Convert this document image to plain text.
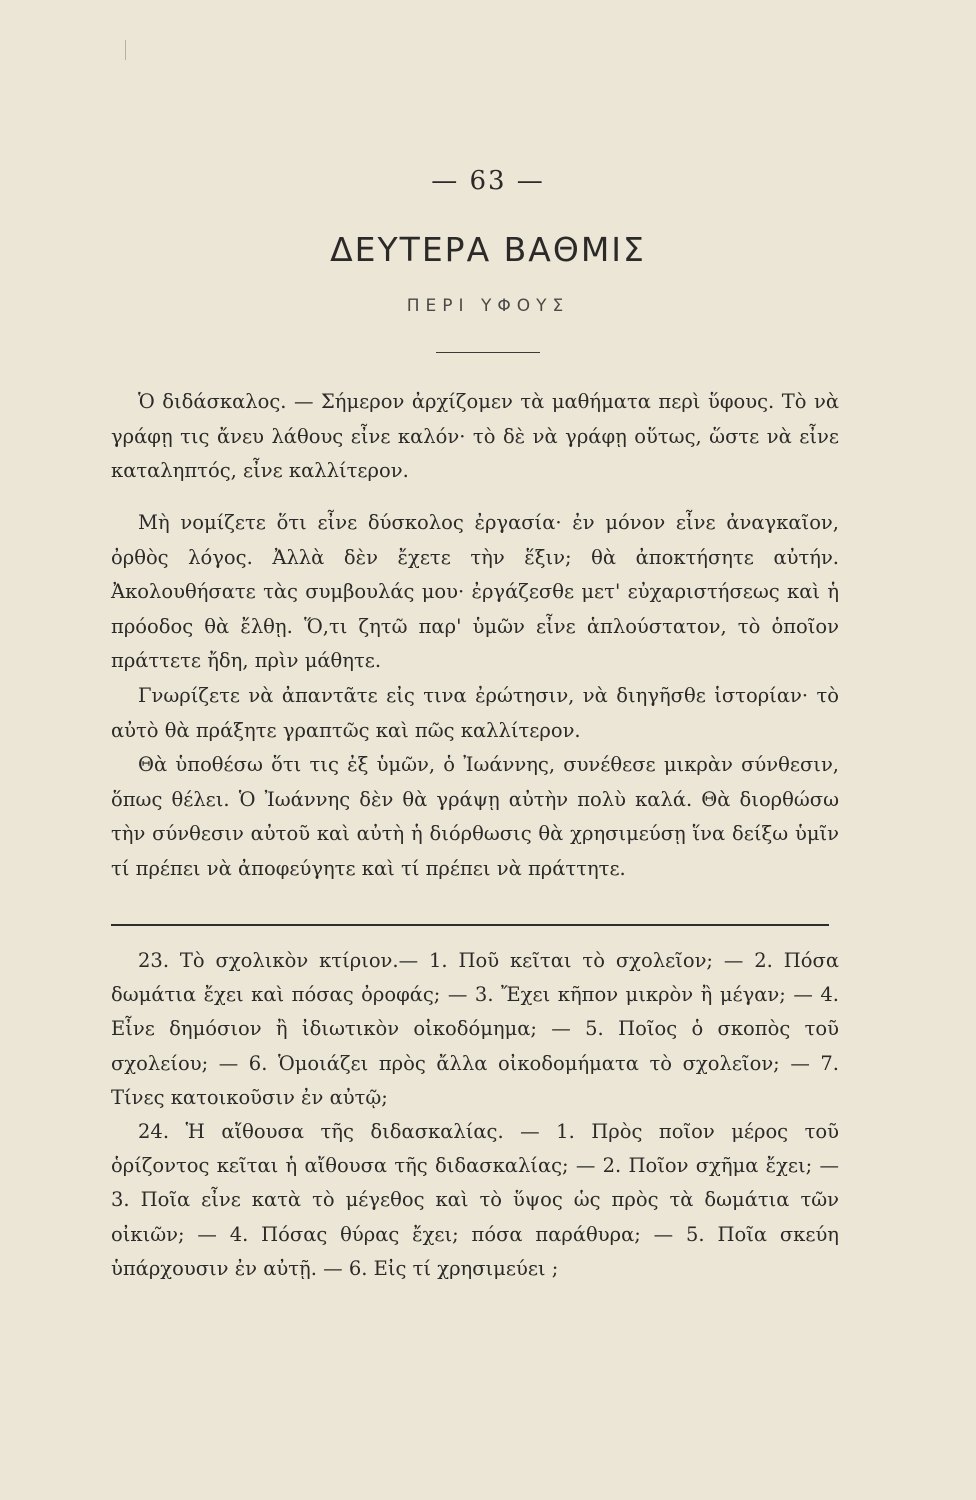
— 63 —
ΔΕΥΤΕΡΑ ΒΑΘΜΙΣ
ΠΕΡΙ ΥΦΟΥΣ

Ὁ διδάσκαλος. — Σήμερον ἀρχίζομεν τὰ μαθήματα περὶ ὕφους. Τὸ νὰ γράφῃ τις ἄνευ λάθους εἶνε καλόν· τὸ δὲ νὰ γράφῃ οὕτως, ὥστε νὰ εἶνε καταληπτός, εἶνε καλλίτερον.

Μὴ νομίζετε ὅτι εἶνε δύσκολος ἐργασία· ἐν μόνον εἶνε ἀναγκαῖον, ὀρθὸς λόγος. Ἀλλὰ δὲν ἔχετε τὴν ἕξιν; θὰ ἀποκτήσητε αὐτήν. Ἀκολουθήσατε τὰς συμβουλάς μου· ἐργάζεσθε μετ' εὐχαριστήσεως καὶ ἡ πρόοδος θὰ ἔλθῃ. Ὅ,τι ζητῶ παρ' ὑμῶν εἶνε ἁπλούστατον, τὸ ὁποῖον πράττετε ἤδη, πρὶν μάθητε.

Γνωρίζετε νὰ ἀπαντᾶτε εἰς τινα ἐρώτησιν, νὰ διηγῆσθε ἱστορίαν· τὸ αὐτὸ θὰ πράξητε γραπτῶς καὶ πῶς καλλίτερον.

Θὰ ὑποθέσω ὅτι τις ἐξ ὑμῶν, ὁ Ἰωάννης, συνέθεσε μικρὰν σύνθεσιν, ὅπως θέλει. Ὁ Ἰωάννης δὲν θὰ γράψῃ αὐτὴν πολὺ καλά. Θὰ διορθώσω τὴν σύνθεσιν αὐτοῦ καὶ αὐτὴ ἡ διόρθωσις θὰ χρησιμεύσῃ ἵνα δείξω ὑμῖν τί πρέπει νὰ ἀποφεύγητε καὶ τί πρέπει νὰ πράττητε.

23. Τὸ σχολικὸν κτίριον.— 1. Ποῦ κεῖται τὸ σχολεῖον; — 2. Πόσα δωμάτια ἔχει καὶ πόσας ὀροφάς; — 3. Ἔχει κῆπον μικρὸν ἢ μέγαν; — 4. Εἶνε δημόσιον ἢ ἰδιωτικὸν οἰκοδόμημα; — 5. Ποῖος ὁ σκοπὸς τοῦ σχολείου; — 6. Ὁμοιάζει πρὸς ἄλλα οἰκοδομήματα τὸ σχολεῖον; — 7. Τίνες κατοικοῦσιν ἐν αὐτῷ;

24. Ἡ αἴθουσα τῆς διδασκαλίας. — 1. Πρὸς ποῖον μέρος τοῦ ὁρίζοντος κεῖται ἡ αἴθουσα τῆς διδασκαλίας; — 2. Ποῖον σχῆμα ἔχει; — 3. Ποῖα εἶνε κατὰ τὸ μέγεθος καὶ τὸ ὕψος ὡς πρὸς τὰ δωμάτια τῶν οἰκιῶν; — 4. Πόσας θύρας ἔχει; πόσα παράθυρα; — 5. Ποῖα σκεύη ὑπάρχουσιν ἐν αὐτῇ. — 6. Εἰς τί χρησιμεύει ;
